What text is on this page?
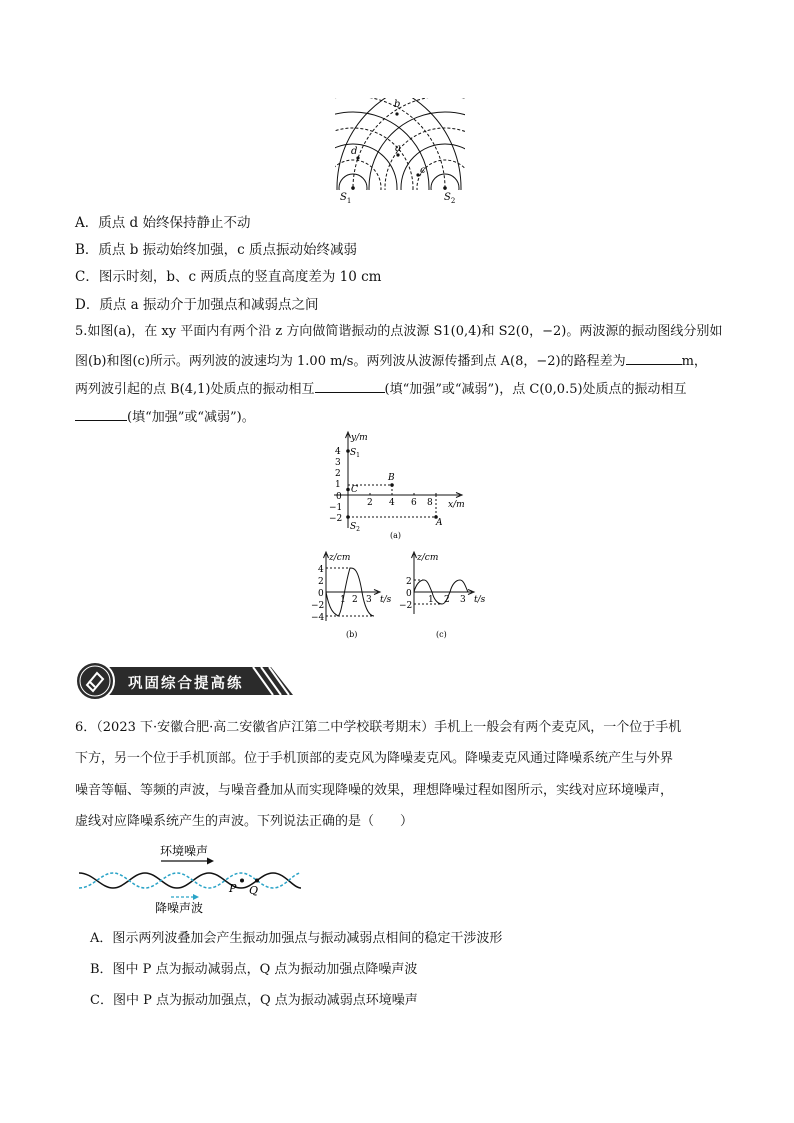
b
a
d
c
$S_1$	$S_2$
A．质点 d 始终保持静止不动
B．质点 b 振动始终加强，c 质点振动始终减弱
C．图示时刻，b、c 两质点的竖直高度差为 10 cm
D．质点 a 振动介于加强点和减弱点之间
5.如图(a)，在 xy 平面内有两个沿 z 方向做简谐振动的点波源 S1(0,4)和 S2(0，−2)。两波源的振动图线分别如
图(b)和图(c)所示。两列波的波速均为 1.00 m/s。两列波从波源传播到点 A(8，−2)的路程差为	m，
两列波引起的点 B(4,1)处质点的振动相互	(填“加强”或“减弱”)，点 C(0,0.5)处质点的振动相互
(填“加强”或“减弱”)。
y/m
x/m
4
3
2
1
0
−1
−2
2 4 6 8
$S_1$
B
C
$S_2$
A
(a)
z/cm
t/s
4
2
0
−2
−4
1 2 3
(b)
z/cm
t/s
2
0
−2
1 2 3
(c)
巩固综合提高练
6．（2023 下·安徽合肥·高二安徽省庐江第二中学校联考期末）手机上一般会有两个麦克风，一个位于手机
下方，另一个位于手机顶部。位于手机顶部的麦克风为降噪麦克风。降噪麦克风通过降噪系统产生与外界
噪音等幅、等频的声波，与噪音叠加从而实现降噪的效果，理想降噪过程如图所示，实线对应环境噪声，
虚线对应降噪系统产生的声波。下列说法正确的是（　　）
环境噪声
P Q
降噪声波
A．图示两列波叠加会产生振动加强点与振动减弱点相间的稳定干涉波形
B．图中 P 点为振动减弱点，Q 点为振动加强点降噪声波
C．图中 P 点为振动加强点，Q 点为振动减弱点环境噪声
